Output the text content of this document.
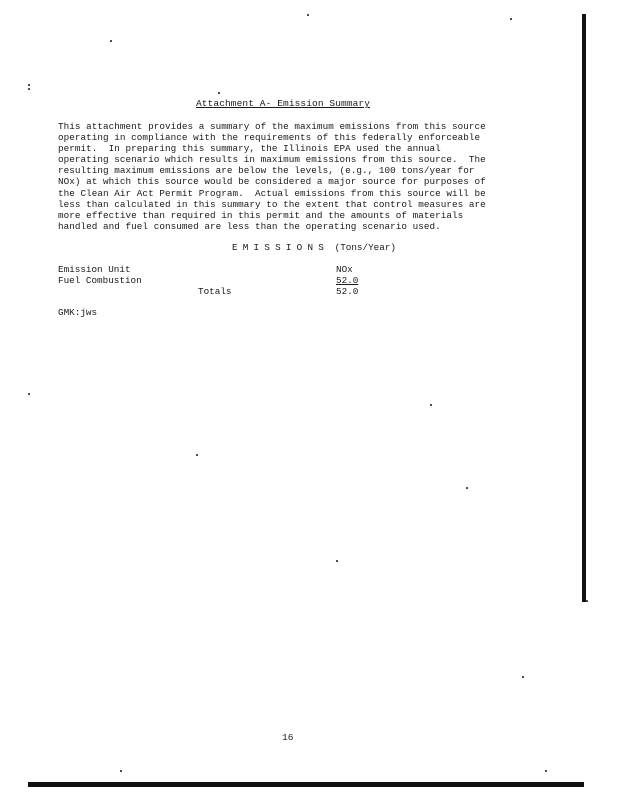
Attachment A- Emission Summary
This attachment provides a summary of the maximum emissions from this source
operating in compliance with the requirements of this federally enforceable
permit.  In preparing this summary, the Illinois EPA used the annual
operating scenario which results in maximum emissions from this source.  The
resulting maximum emissions are below the levels, (e.g., 100 tons/year for
NOx) at which this source would be considered a major source for purposes of
the Clean Air Act Permit Program.  Actual emissions from this source will be
less than calculated in this summary to the extent that control measures are
more effective than required in this permit and the amounts of materials
handled and fuel consumed are less than the operating scenario used.
EMISSIONS (Tons/Year)
Emission Unit	NOx
Fuel Combustion	52.0
Totals	52.0
GMK:jws
16
